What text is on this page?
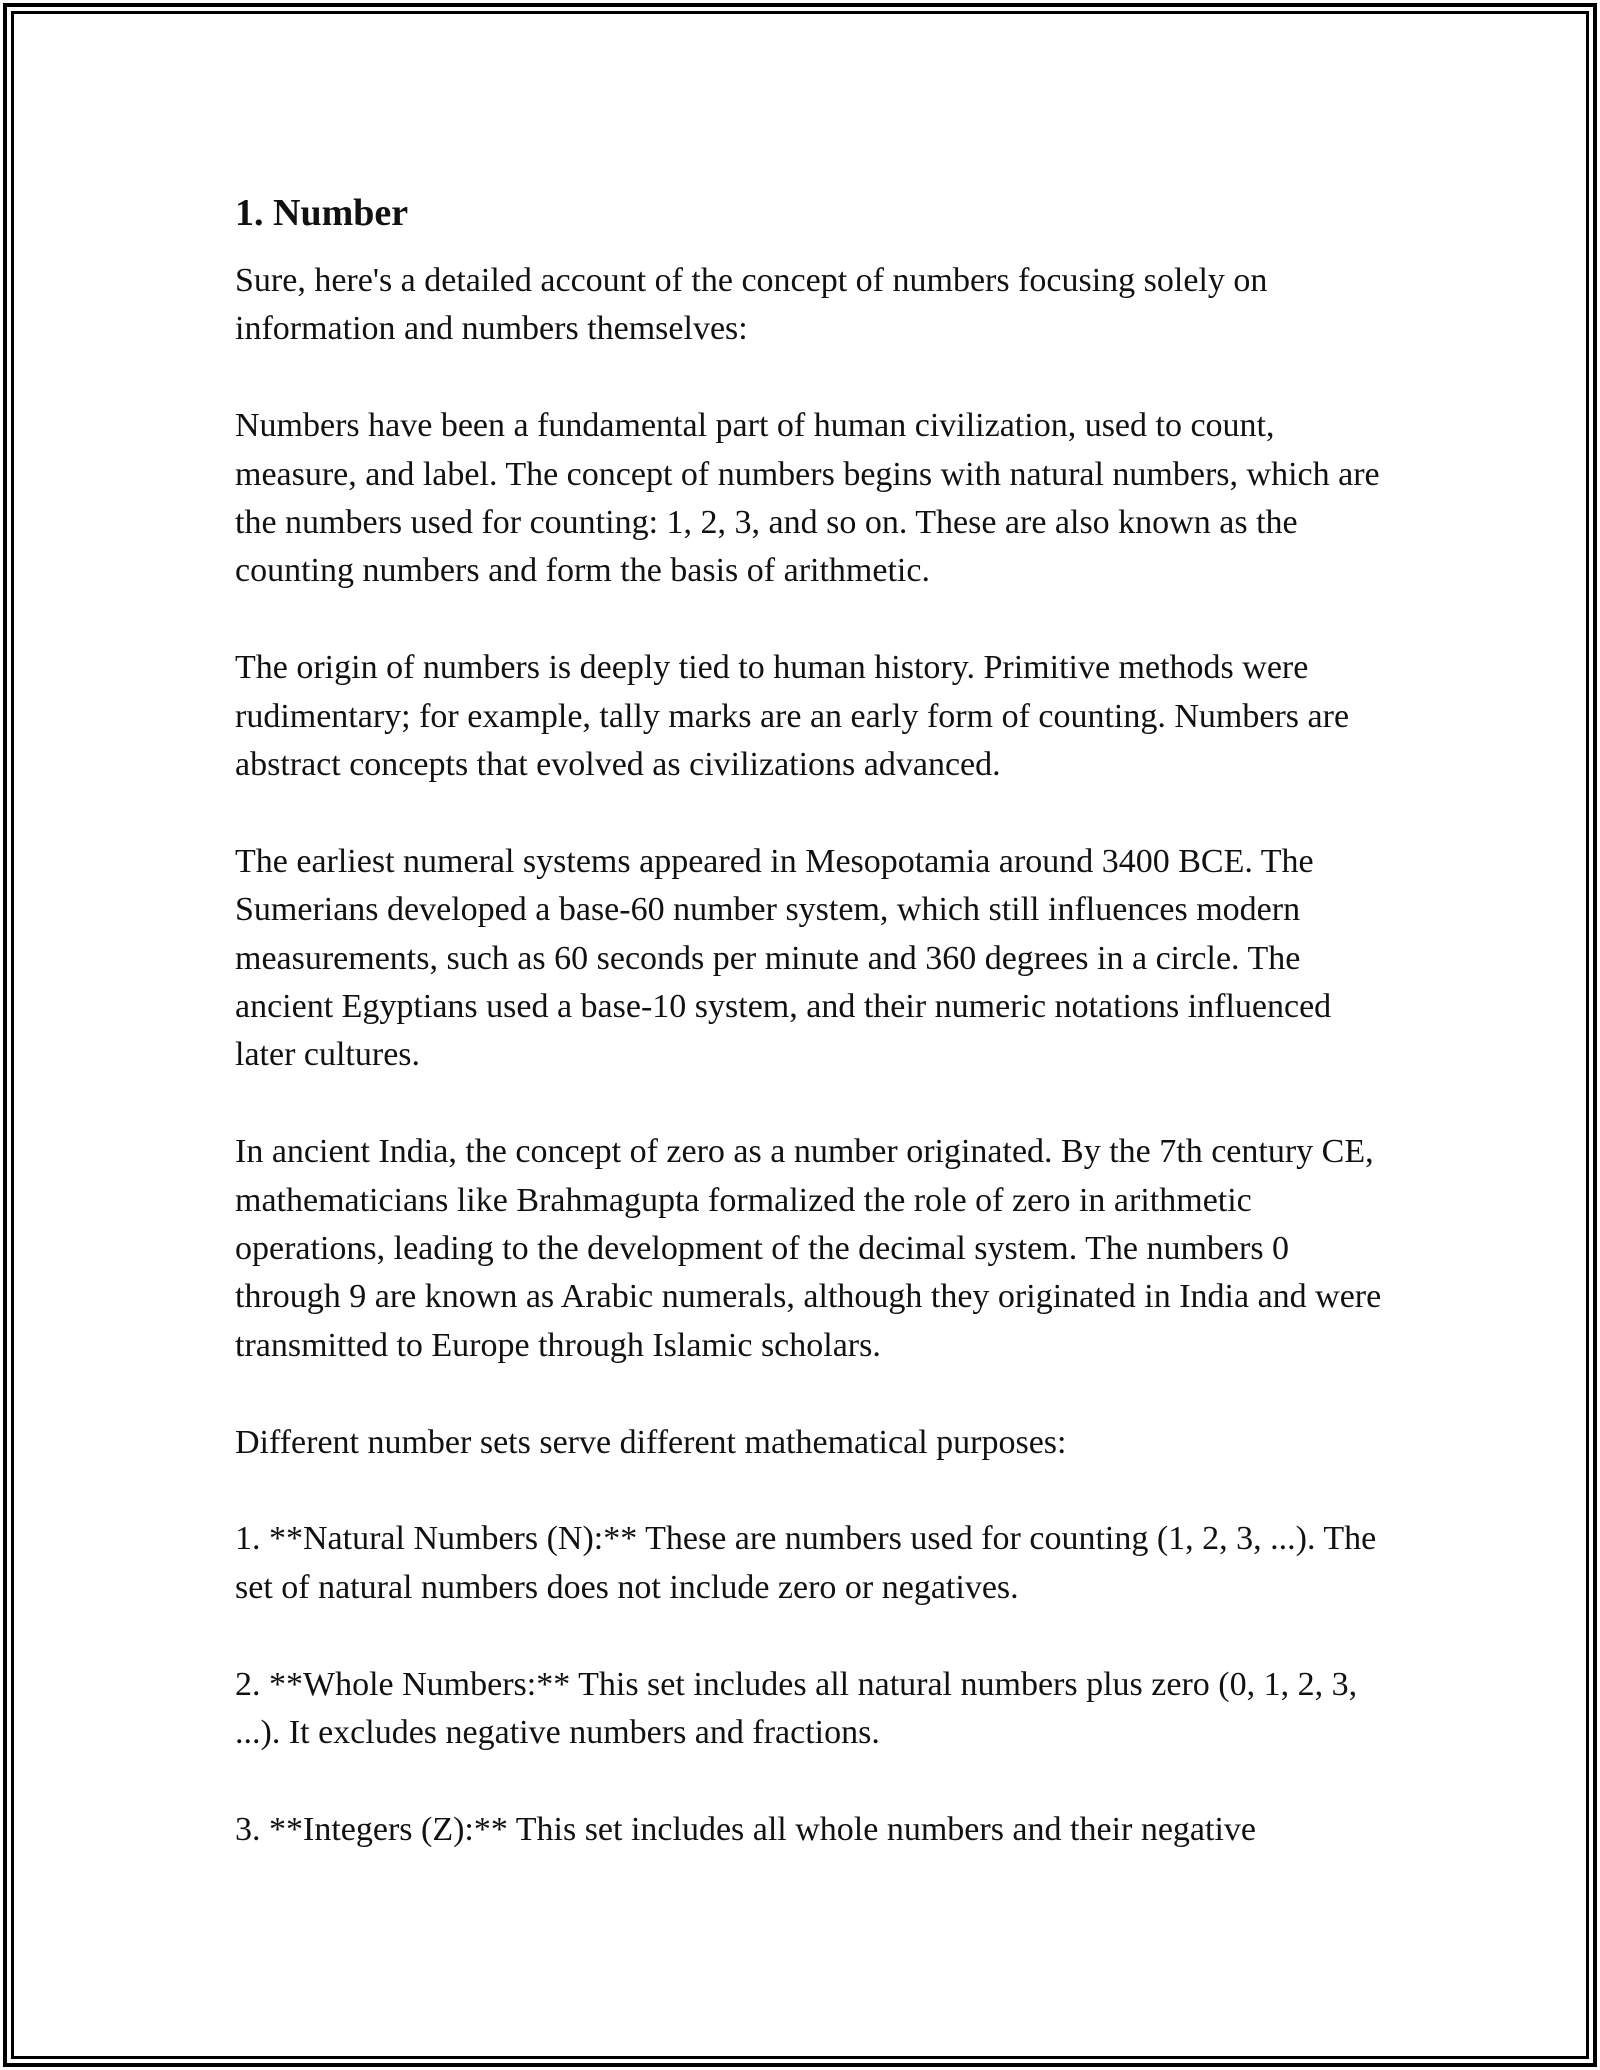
1. Number

Sure, here's a detailed account of the concept of numbers focusing solely on information and numbers themselves:

Numbers have been a fundamental part of human civilization, used to count, measure, and label. The concept of numbers begins with natural numbers, which are the numbers used for counting: 1, 2, 3, and so on. These are also known as the counting numbers and form the basis of arithmetic.

The origin of numbers is deeply tied to human history. Primitive methods were rudimentary; for example, tally marks are an early form of counting. Numbers are abstract concepts that evolved as civilizations advanced.

The earliest numeral systems appeared in Mesopotamia around 3400 BCE. The Sumerians developed a base-60 number system, which still influences modern measurements, such as 60 seconds per minute and 360 degrees in a circle. The ancient Egyptians used a base-10 system, and their numeric notations influenced later cultures.

In ancient India, the concept of zero as a number originated. By the 7th century CE, mathematicians like Brahmagupta formalized the role of zero in arithmetic operations, leading to the development of the decimal system. The numbers 0 through 9 are known as Arabic numerals, although they originated in India and were transmitted to Europe through Islamic scholars.

Different number sets serve different mathematical purposes:

1. **Natural Numbers (N):** These are numbers used for counting (1, 2, 3, ...). The set of natural numbers does not include zero or negatives.

2. **Whole Numbers:** This set includes all natural numbers plus zero (0, 1, 2, 3, ...). It excludes negative numbers and fractions.

3. **Integers (Z):** This set includes all whole numbers and their negative
